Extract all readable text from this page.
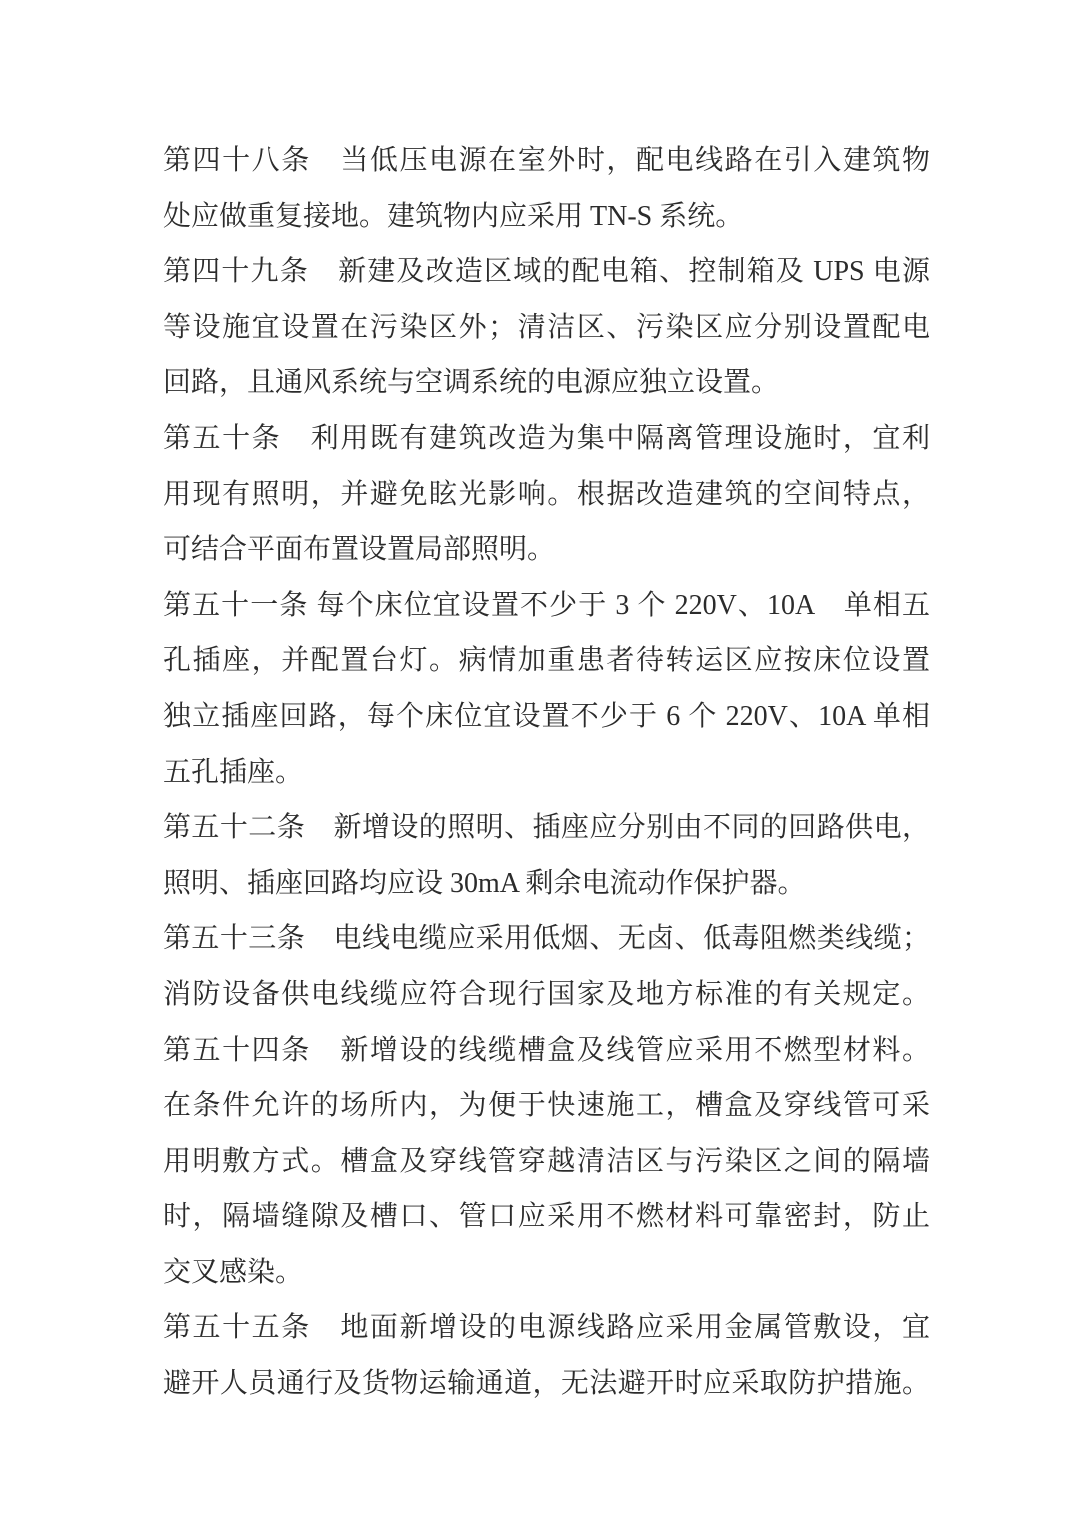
第四十八条　当低压电源在室外时，配电线路在引入建筑物
处应做重复接地。建筑物内应采用 TN-S 系统。
第四十九条　新建及改造区域的配电箱、控制箱及 UPS 电源
等设施宜设置在污染区外；清洁区、污染区应分别设置配电
回路，且通风系统与空调系统的电源应独立设置。
第五十条　利用既有建筑改造为集中隔离管理设施时，宜利
用现有照明，并避免眩光影响。根据改造建筑的空间特点，
可结合平面布置设置局部照明。
第五十一条 每个床位宜设置不少于 3 个 220V、10A　单相五
孔插座，并配置台灯。病情加重患者待转运区应按床位设置
独立插座回路，每个床位宜设置不少于 6 个 220V、10A 单相
五孔插座。
第五十二条　新增设的照明、插座应分别由不同的回路供电，
照明、插座回路均应设 30mA 剩余电流动作保护器。
第五十三条　电线电缆应采用低烟、无卤、低毒阻燃类线缆；
消防设备供电线缆应符合现行国家及地方标准的有关规定。
第五十四条　新增设的线缆槽盒及线管应采用不燃型材料。
在条件允许的场所内，为便于快速施工，槽盒及穿线管可采
用明敷方式。槽盒及穿线管穿越清洁区与污染区之间的隔墙
时，隔墙缝隙及槽口、管口应采用不燃材料可靠密封，防止
交叉感染。
第五十五条　地面新增设的电源线路应采用金属管敷设，宜
避开人员通行及货物运输通道，无法避开时应采取防护措施。
